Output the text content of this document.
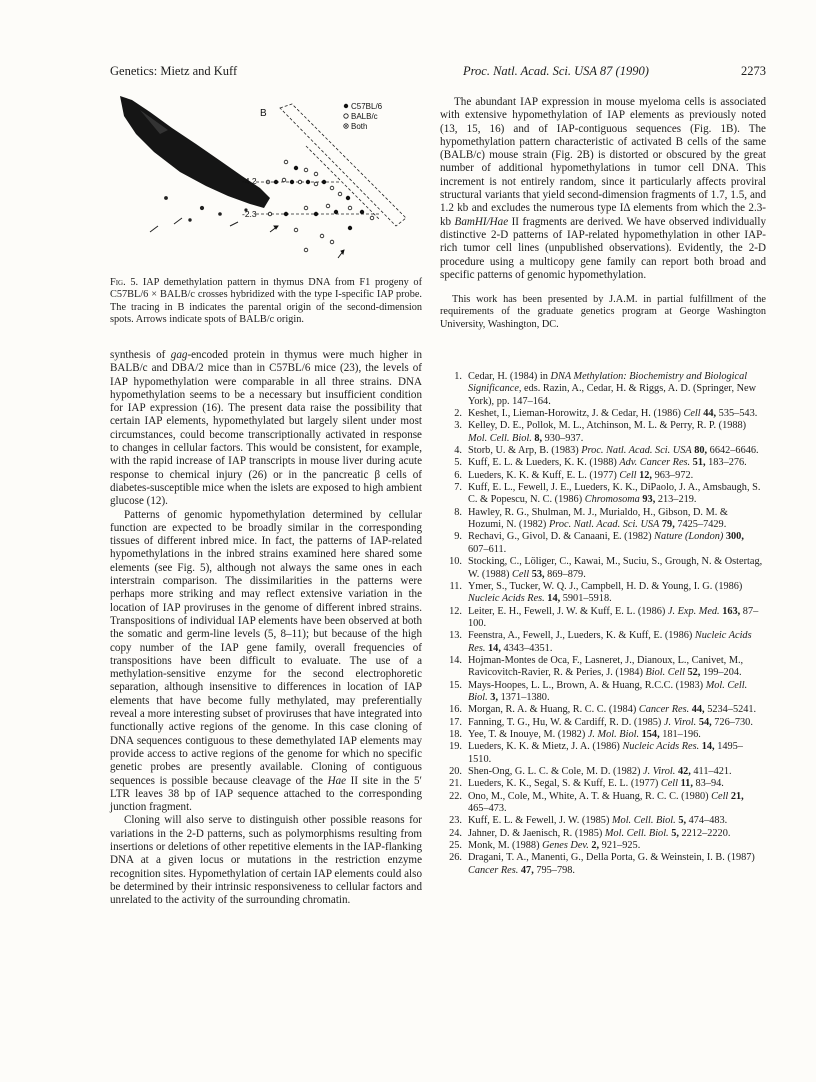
Genetics: Mietz and Kuff	Proc. Natl. Acad. Sci. USA 87 (1990)	2273
B
C57BL/6
BALB/c
Both
-4.2
-2.3
Fig. 5. IAP demethylation pattern in thymus DNA from F1 progeny of C57BL/6 × BALB/c crosses hybridized with the type I-specific IAP probe. The tracing in B indicates the parental origin of the second-dimension spots. Arrows indicate spots of BALB/c origin.

synthesis of gag-encoded protein in thymus were much higher in BALB/c and DBA/2 mice than in C57BL/6 mice (23), the levels of IAP hypomethylation were comparable in all three strains. DNA hypomethylation seems to be a necessary but insufficient condition for IAP expression (16). The present data raise the possibility that certain IAP elements, hypomethylated but largely silent under most circumstances, could become transcriptionally activated in response to changes in cellular factors. This would be consistent, for example, with the rapid increase of IAP transcripts in mouse liver during acute response to chemical injury (26) or in the pancreatic β cells of diabetes-susceptible mice when the islets are exposed to high ambient glucose (12).

Patterns of genomic hypomethylation determined by cellular function are expected to be broadly similar in the corresponding tissues of different inbred mice. In fact, the patterns of IAP-related hypomethylations in the inbred strains examined here shared some elements (see Fig. 5), although not always the same ones in each interstrain comparison. The dissimilarities in the patterns were perhaps more striking and may reflect extensive variation in the location of IAP proviruses in the genome of different inbred strains. Transpositions of individual IAP elements have been observed at both the somatic and germ-line levels (5, 8–11); but because of the high copy number of the IAP gene family, overall frequencies of transpositions have been difficult to evaluate. The use of a methylation-sensitive enzyme for the second electrophoretic separation, although insensitive to differences in location of IAP elements that have become fully methylated, may preferentially reveal a more interesting subset of proviruses that have integrated into functionally active regions of the genome. In this case cloning of DNA sequences contiguous to these demethylated IAP elements may provide access to active regions of the genome for which no specific genetic probes are presently available. Cloning of contiguous sequences is possible because cleavage of the Hae II site in the 5′ LTR leaves 38 bp of IAP sequence attached to the corresponding junction fragment.

Cloning will also serve to distinguish other possible reasons for variations in the 2-D patterns, such as polymorphisms resulting from insertions or deletions of other repetitive elements in the IAP-flanking DNA at a given locus or mutations in the restriction enzyme recognition sites. Hypomethylation of certain IAP elements could also be determined by their intrinsic responsiveness to cellular factors and unrelated to the activity of the surrounding chromatin.

The abundant IAP expression in mouse myeloma cells is associated with extensive hypomethylation of IAP elements as previously noted (13, 15, 16) and of IAP-contiguous sequences (Fig. 1B). The hypomethylation pattern characteristic of activated B cells of the same (BALB/c) mouse strain (Fig. 2B) is distorted or obscured by the great number of additional hypomethylations in tumor cell DNA. This increment is not entirely random, since it particularly affects proviral structural variants that yield second-dimension fragments of 1.7, 1.5, and 1.2 kb and excludes the numerous type IΔ elements from which the 2.3-kb BamHI/Hae II fragments are derived. We have observed individually distinctive 2-D patterns of IAP-related hypomethylation in other IAP-rich tumor cell lines (unpublished observations). Evidently, the 2-D procedure using a multicopy gene family can report both broad and specific patterns of genomic hypomethylation.

This work has been presented by J.A.M. in partial fulfillment of the requirements of the graduate genetics program at George Washington University, Washington, DC.

1. Cedar, H. (1984) in DNA Methylation: Biochemistry and Biological Significance, eds. Razin, A., Cedar, H. & Riggs, A. D. (Springer, New York), pp. 147–164.
2. Keshet, I., Lieman-Horowitz, J. & Cedar, H. (1986) Cell 44, 535–543.
3. Kelley, D. E., Pollok, M. L., Atchinson, M. L. & Perry, R. P. (1988) Mol. Cell. Biol. 8, 930–937.
4. Storb, U. & Arp, B. (1983) Proc. Natl. Acad. Sci. USA 80, 6642–6646.
5. Kuff, E. L. & Lueders, K. K. (1988) Adv. Cancer Res. 51, 183–276.
6. Lueders, K. K. & Kuff, E. L. (1977) Cell 12, 963–972.
7. Kuff, E. L., Fewell, J. E., Lueders, K. K., DiPaolo, J. A., Amsbaugh, S. C. & Popescu, N. C. (1986) Chromosoma 93, 213–219.
8. Hawley, R. G., Shulman, M. J., Murialdo, H., Gibson, D. M. & Hozumi, N. (1982) Proc. Natl. Acad. Sci. USA 79, 7425–7429.
9. Rechavi, G., Givol, D. & Canaani, E. (1982) Nature (London) 300, 607–611.
10. Stocking, C., Löliger, C., Kawai, M., Suciu, S., Grough, N. & Ostertag, W. (1988) Cell 53, 869–879.
11. Ymer, S., Tucker, W. Q. J., Campbell, H. D. & Young, I. G. (1986) Nucleic Acids Res. 14, 5901–5918.
12. Leiter, E. H., Fewell, J. W. & Kuff, E. L. (1986) J. Exp. Med. 163, 87–100.
13. Feenstra, A., Fewell, J., Lueders, K. & Kuff, E. (1986) Nucleic Acids Res. 14, 4343–4351.
14. Hojman-Montes de Oca, F., Lasneret, J., Dianoux, L., Canivet, M., Ravicovitch-Ravier, R. & Peries, J. (1984) Biol. Cell 52, 199–204.
15. Mays-Hoopes, L. L., Brown, A. & Huang, R.C.C. (1983) Mol. Cell. Biol. 3, 1371–1380.
16. Morgan, R. A. & Huang, R. C. C. (1984) Cancer Res. 44, 5234–5241.
17. Fanning, T. G., Hu, W. & Cardiff, R. D. (1985) J. Virol. 54, 726–730.
18. Yee, T. & Inouye, M. (1982) J. Mol. Biol. 154, 181–196.
19. Lueders, K. K. & Mietz, J. A. (1986) Nucleic Acids Res. 14, 1495–1510.
20. Shen-Ong, G. L. C. & Cole, M. D. (1982) J. Virol. 42, 411–421.
21. Lueders, K. K., Segal, S. & Kuff, E. L. (1977) Cell 11, 83–94.
22. Ono, M., Cole, M., White, A. T. & Huang, R. C. C. (1980) Cell 21, 465–473.
23. Kuff, E. L. & Fewell, J. W. (1985) Mol. Cell. Biol. 5, 474–483.
24. Jahner, D. & Jaenisch, R. (1985) Mol. Cell. Biol. 5, 2212–2220.
25. Monk, M. (1988) Genes Dev. 2, 921–925.
26. Dragani, T. A., Manenti, G., Della Porta, G. & Weinstein, I. B. (1987) Cancer Res. 47, 795–798.
